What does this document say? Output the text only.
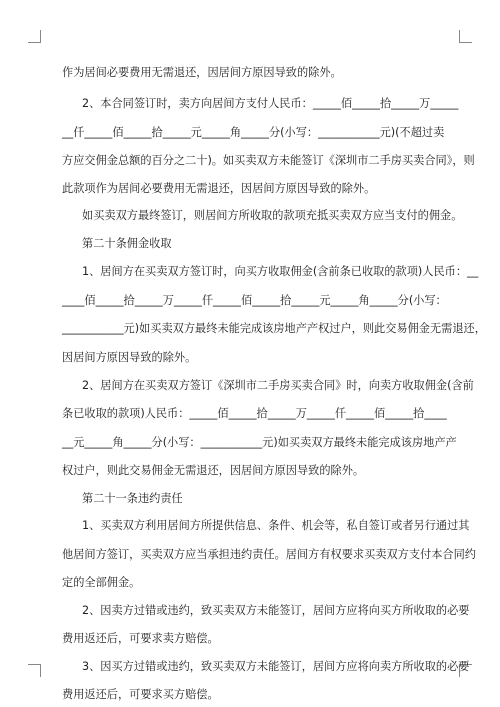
作为居间必要费用无需退还，因居间方原因导致的除外。
2、本合同签订时，卖方向居间方支付人民币：_____佰_____拾_____万_____
__仟_____佰_____拾_____元_____角_____分(小写：___________元)(不超过卖
方应交佣金总额的百分之二十)。如买卖双方未能签订《深圳市二手房买卖合同》，则
此款项作为居间必要费用无需退还，因居间方原因导致的除外。
如买卖双方最终签订，则居间方所收取的款项充抵买卖双方应当支付的佣金。
第二十条佣金收取
1、居间方在买卖双方签订时，向买方收取佣金(含前条已收取的款项)人民币：__
____佰_____拾_____万_____仟_____佰_____拾_____元_____角_____分(小写：
___________元)如买卖双方最终未能完成该房地产产权过户，则此交易佣金无需退还，
因居间方原因导致的除外。
2、居间方在买卖双方签订《深圳市二手房买卖合同》时，向卖方收取佣金(含前
条已收取的款项)人民币：_____佰_____拾_____万_____仟_____佰_____拾____
__元_____角_____分(小写：___________元)如买卖双方最终未能完成该房地产产
权过户，则此交易佣金无需退还，因居间方原因导致的除外。
第二十一条违约责任
1、买卖双方利用居间方所提供信息、条件、机会等，私自签订或者另行通过其
他居间方签订，买卖双方应当承担违约责任。居间方有权要求买卖双方支付本合同约
定的全部佣金。
2、因卖方过错或违约，致买卖双方未能签订，居间方应将向买方所收取的必要
费用返还后，可要求卖方赔偿。
3、因买方过错或违约，致买卖双方未能签订，居间方应将向卖方所收取的必要
费用返还后，可要求买方赔偿。
